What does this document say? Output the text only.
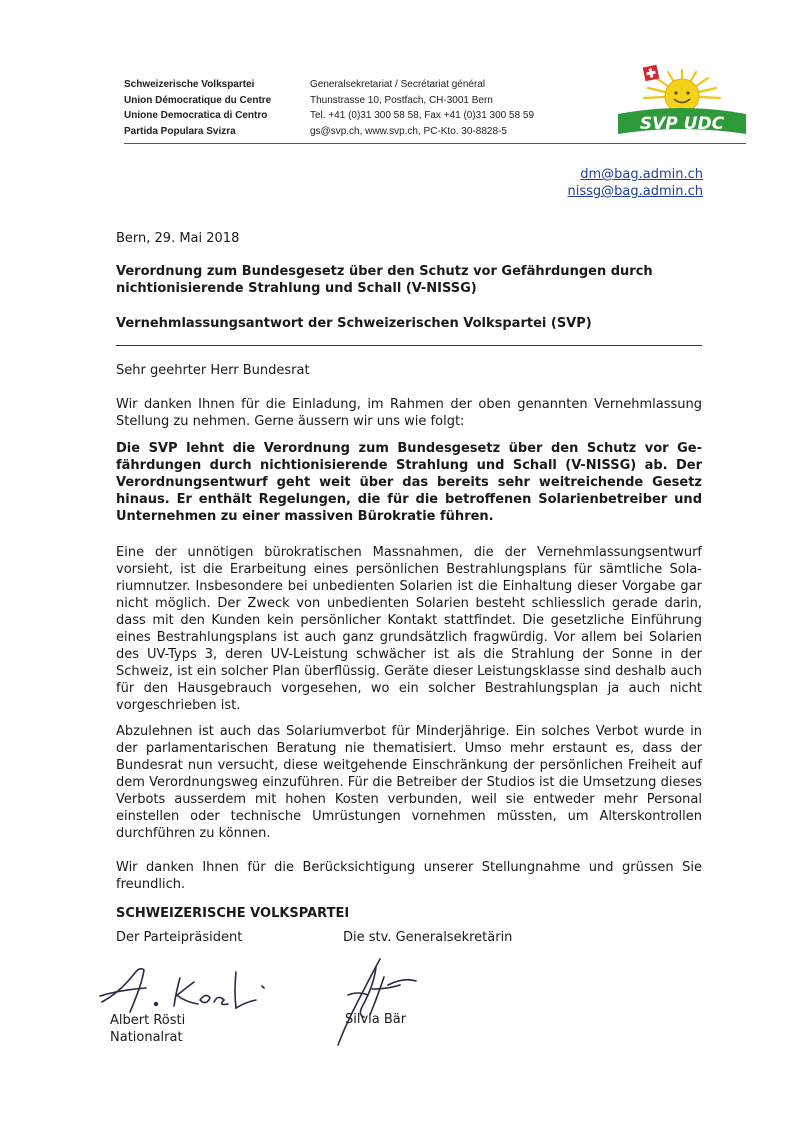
Schweizerische Volkspartei
Union Démocratique du Centre
Unione Democratica di Centro
Partida Populara Svizra
Generalsekretariat / Secrétariat général
Thunstrasse 10, Postfach, CH-3001 Bern
Tel. +41 (0)31 300 58 58, Fax +41 (0)31 300 58 59
gs@svp.ch, www.svp.ch, PC-Kto. 30-8828-5	SVP UDC
dm@bag.admin.ch
nissg@bag.admin.ch
Bern, 29. Mai 2018
Verordnung zum Bundesgesetz über den Schutz vor Gefährdungen durch nichtionisierende Strahlung und Schall (V-NISSG)
Vernehmlassungsantwort der Schweizerischen Volkspartei (SVP)
Sehr geehrter Herr Bundesrat
Wir danken Ihnen für die Einladung, im Rahmen der oben genannten Vernehmlassung Stellung zu nehmen. Gerne äussern wir uns wie folgt:
Die SVP lehnt die Verordnung zum Bundesgesetz über den Schutz vor Gefährdungen durch nichtionisierende Strahlung und Schall (V-NISSG) ab. Der Verordnungsentwurf geht weit über das bereits sehr weitreichende Gesetz hinaus. Er enthält Regelungen, die für die betroffenen Solarienbetreiber und Unternehmen zu einer massiven Bürokratie führen.
Eine der unnötigen bürokratischen Massnahmen, die der Vernehmlassungsentwurf vorsieht, ist die Erarbeitung eines persönlichen Bestrahlungsplans für sämtliche Solariumnutzer. Insbesondere bei unbedienten Solarien ist die Einhaltung dieser Vorgabe gar nicht möglich. Der Zweck von unbedienten Solarien besteht schliesslich gerade darin, dass mit den Kunden kein persönlicher Kontakt stattfindet. Die gesetzliche Einführung eines Bestrahlungsplans ist auch ganz grundsätzlich fragwürdig. Vor allem bei Solarien des UV-Typs 3, deren UV-Leistung schwächer ist als die Strahlung der Sonne in der Schweiz, ist ein solcher Plan überflüssig. Geräte dieser Leistungsklasse sind deshalb auch für den Hausgebrauch vorgesehen, wo ein solcher Bestrahlungsplan ja auch nicht vorgeschrieben ist.
Abzulehnen ist auch das Solariumverbot für Minderjährige. Ein solches Verbot wurde in der parlamentarischen Beratung nie thematisiert. Umso mehr erstaunt es, dass der Bundesrat nun versucht, diese weitgehende Einschränkung der persönlichen Freiheit auf dem Verordnungsweg einzuführen. Für die Betreiber der Studios ist die Umsetzung dieses Verbots ausserdem mit hohen Kosten verbunden, weil sie entweder mehr Personal einstellen oder technische Umrüstungen vornehmen müssten, um Alterskontrollen durchführen zu können.
Wir danken Ihnen für die Berücksichtigung unserer Stellungnahme und grüssen Sie freundlich.
SCHWEIZERISCHE VOLKSPARTEI
Der Parteipräsident	Die stv. Generalsekretärin
Albert Rösti
Nationalrat
Silvia Bär
